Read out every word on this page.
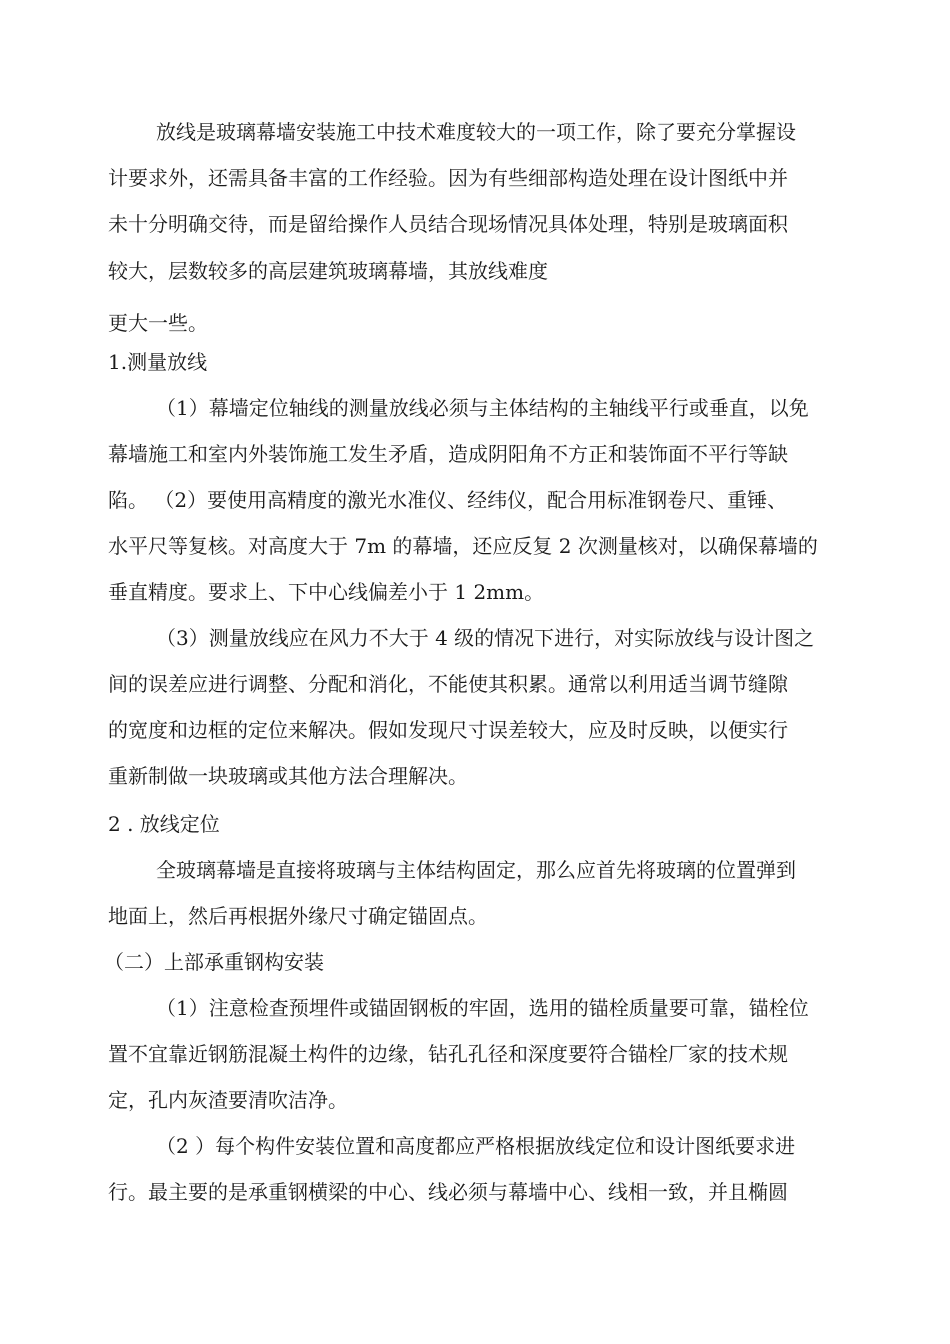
放线是玻璃幕墙安装施工中技术难度较大的一项工作，除了要充分掌握设
计要求外，还需具备丰富的工作经验。因为有些细部构造处理在设计图纸中并
未十分明确交待，而是留给操作人员结合现场情况具体处理，特别是玻璃面积
较大，层数较多的高层建筑玻璃幕墙，其放线难度
更大一些。
1.测量放线
（1）幕墙定位轴线的测量放线必须与主体结构的主轴线平行或垂直，以免
幕墙施工和室内外装饰施工发生矛盾，造成阴阳角不方正和装饰面不平行等缺
陷。 （2）要使用高精度的激光水准仪、经纬仪，配合用标准钢卷尺、重锤、
水平尺等复核。对高度大于 7m 的幕墙，还应反复 2 次测量核对，以确保幕墙的
垂直精度。要求上、下中心线偏差小于 1 2mm。
（3）测量放线应在风力不大于 4 级的情况下进行，对实际放线与设计图之
间的误差应进行调整、分配和消化，不能使其积累。通常以利用适当调节缝隙
的宽度和边框的定位来解决。假如发现尺寸误差较大，应及时反映，以便实行
重新制做一块玻璃或其他方法合理解决。
2 . 放线定位
全玻璃幕墙是直接将玻璃与主体结构固定，那么应首先将玻璃的位置弹到
地面上，然后再根据外缘尺寸确定锚固点。
（二）上部承重钢构安装
（1）注意检查预埋件或锚固钢板的牢固，选用的锚栓质量要可靠，锚栓位
置不宜靠近钢筋混凝土构件的边缘，钻孔孔径和深度要符合锚栓厂家的技术规
定，孔内灰渣要清吹洁净。
（2 ）每个构件安装位置和高度都应严格根据放线定位和设计图纸要求进
行。最主要的是承重钢横梁的中心、线必须与幕墙中心、线相一致，并且椭圆
